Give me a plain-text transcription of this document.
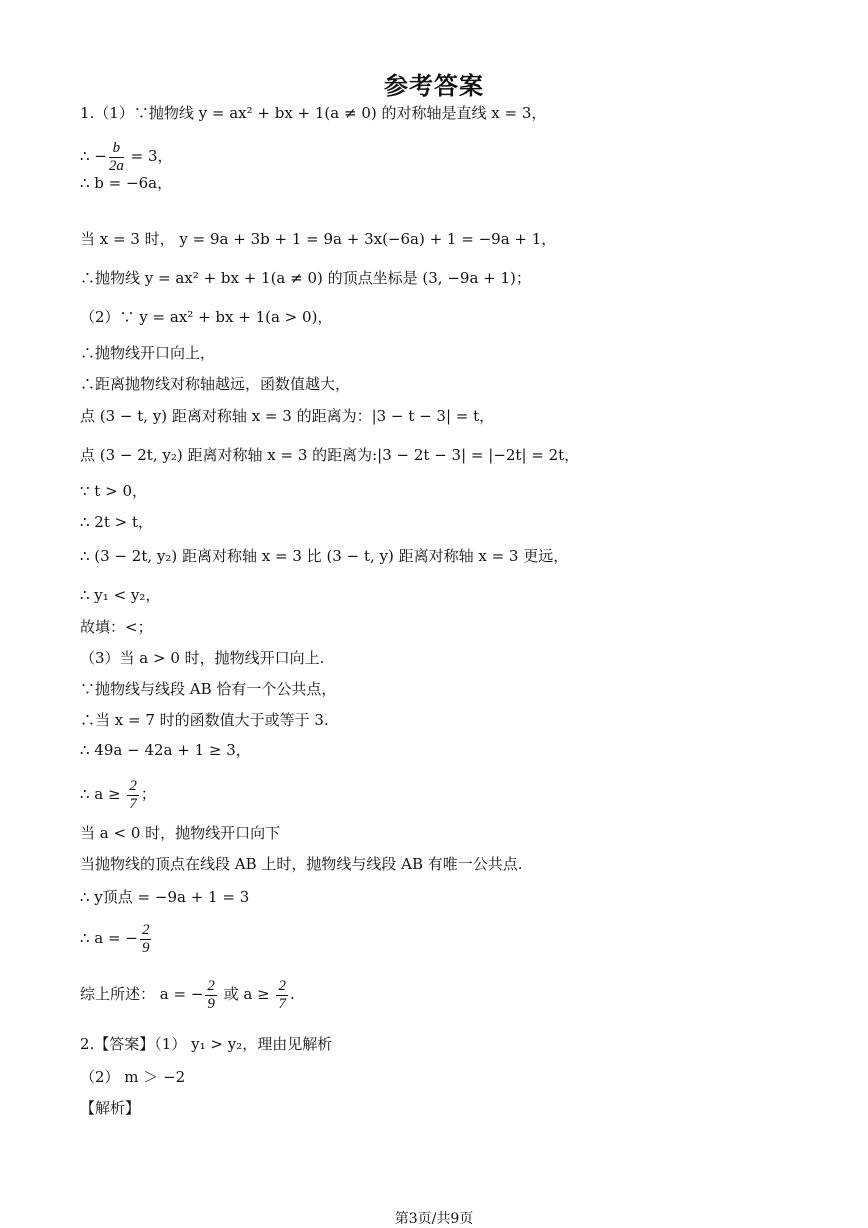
参考答案
1.（1）∵抛物线 y = ax² + bx + 1(a ≠ 0) 的对称轴是直线 x = 3，
∴ b = −6a，
当 x = 3 时， y = 9a + 3b + 1 = 9a + 3x(−6a) + 1 = −9a + 1，
∴抛物线 y = ax² + bx + 1(a ≠ 0) 的顶点坐标是 (3, −9a + 1)；
（2）∵ y = ax² + bx + 1(a > 0)，
∴抛物线开口向上，
∴距离抛物线对称轴越远，函数值越大，
点 (3 − t, y) 距离对称轴 x = 3 的距离为：|3 − t − 3| = t，
点 (3 − 2t, y₂) 距离对称轴 x = 3 的距离为:|3 − 2t − 3| = |−2t| = 2t，
∵ t > 0，
∴ 2t > t，
∴ (3 − 2t, y₂) 距离对称轴 x = 3 比 (3 − t, y) 距离对称轴 x = 3 更远，
∴ y₁ < y₂，
故填：<；
（3）当 a > 0 时，抛物线开口向上.
∵抛物线与线段 AB 恰有一个公共点，
∴当 x = 7 时的函数值大于或等于 3.
∴ 49a − 42a + 1 ≥ 3，
当 a < 0 时，抛物线开口向下
当抛物线的顶点在线段 AB 上时，抛物线与线段 AB 有唯一公共点.
∴ y顶点 = −9a + 1 = 3
2.【答案】（1） y₁ > y₂，理由见解析
（2） m ＞ −2
【解析】
∴ − $\frac{b}{2a} = 3$，
∴ $a \ge \frac{2}{7}$ ；
∴ a = − $\frac{2}{9}$
综上所述： a = − $\frac{2}{9}$ 或 $a \ge \frac{2}{7}$ .
第3页/共9页
